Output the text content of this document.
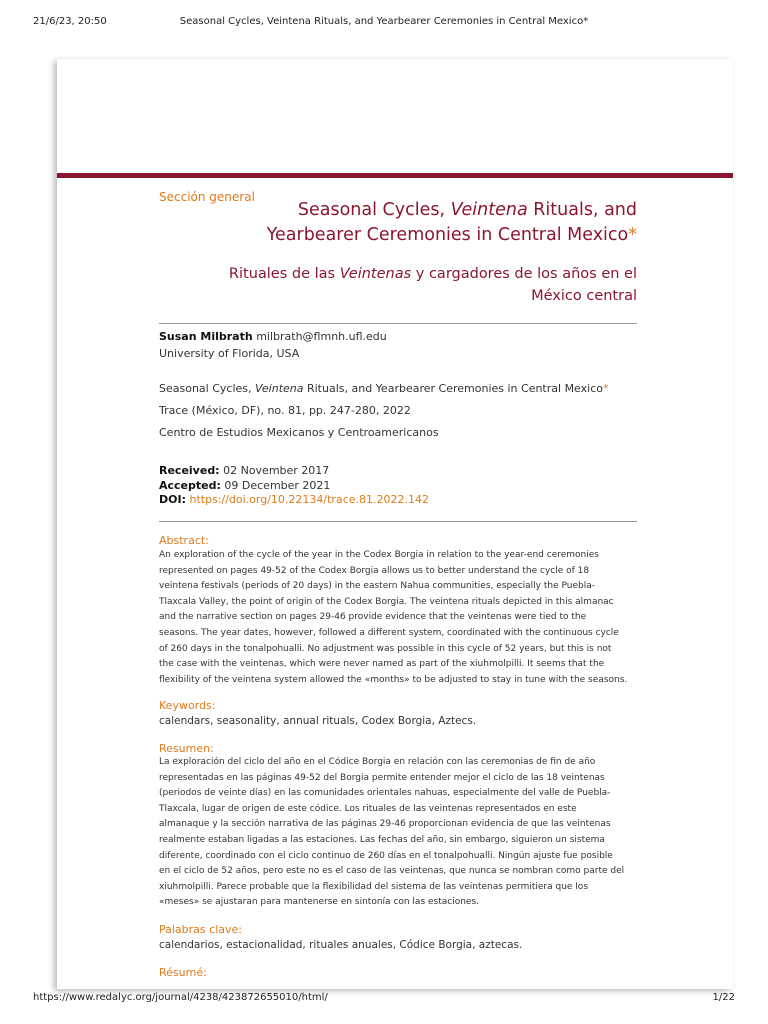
21/6/23, 20:50	Seasonal Cycles, Veintena Rituals, and Yearbearer Ceremonies in Central Mexico*
Sección general
Seasonal Cycles, Veintena Rituals, and Yearbearer Ceremonies in Central Mexico*
Rituales de las Veintenas y cargadores de los años en el México central
Susan Milbrath milbrath@flmnh.ufl.edu
University of Florida, USA
Seasonal Cycles, Veintena Rituals, and Yearbearer Ceremonies in Central Mexico*
Trace (México, DF), no. 81, pp. 247-280, 2022
Centro de Estudios Mexicanos y Centroamericanos
Received: 02 November 2017
Accepted: 09 December 2021
DOI: https://doi.org/10.22134/trace.81.2022.142
Abstract:
An exploration of the cycle of the year in the Codex Borgia in relation to the year-end ceremonies
represented on pages 49-52 of the Codex Borgia allows us to better understand the cycle of 18
veintena festivals (periods of 20 days) in the eastern Nahua communities, especially the Puebla-
Tlaxcala Valley, the point of origin of the Codex Borgia. The veintena rituals depicted in this almanac
and the narrative section on pages 29-46 provide evidence that the veintenas were tied to the
seasons. The year dates, however, followed a different system, coordinated with the continuous cycle
of 260 days in the tonalpohualli. No adjustment was possible in this cycle of 52 years, but this is not
the case with the veintenas, which were never named as part of the xiuhmolpilli. It seems that the
flexibility of the veintena system allowed the «months» to be adjusted to stay in tune with the seasons.
Keywords:
calendars, seasonality, annual rituals, Codex Borgia, Aztecs.
Resumen:
La exploración del ciclo del año en el Códice Borgia en relación con las ceremonias de fin de año
representadas en las páginas 49-52 del Borgia permite entender mejor el ciclo de las 18 veintenas
(periodos de veinte días) en las comunidades orientales nahuas, especialmente del valle de Puebla-
Tlaxcala, lugar de origen de este códice. Los rituales de las veintenas representados en este
almanaque y la sección narrativa de las páginas 29-46 proporcionan evidencia de que las veintenas
realmente estaban ligadas a las estaciones. Las fechas del año, sin embargo, siguieron un sistema
diferente, coordinado con el ciclo continuo de 260 días en el tonalpohualli. Ningún ajuste fue posible
en el ciclo de 52 años, pero este no es el caso de las veintenas, que nunca se nombran como parte del
xiuhmolpilli. Parece probable que la flexibilidad del sistema de las veintenas permitiera que los
«meses» se ajustaran para mantenerse en sintonía con las estaciones.
Palabras clave:
calendarios, estacionalidad, rituales anuales, Códice Borgia, aztecas.
Résumé:
https://www.redalyc.org/journal/4238/423872655010/html/	1/22
